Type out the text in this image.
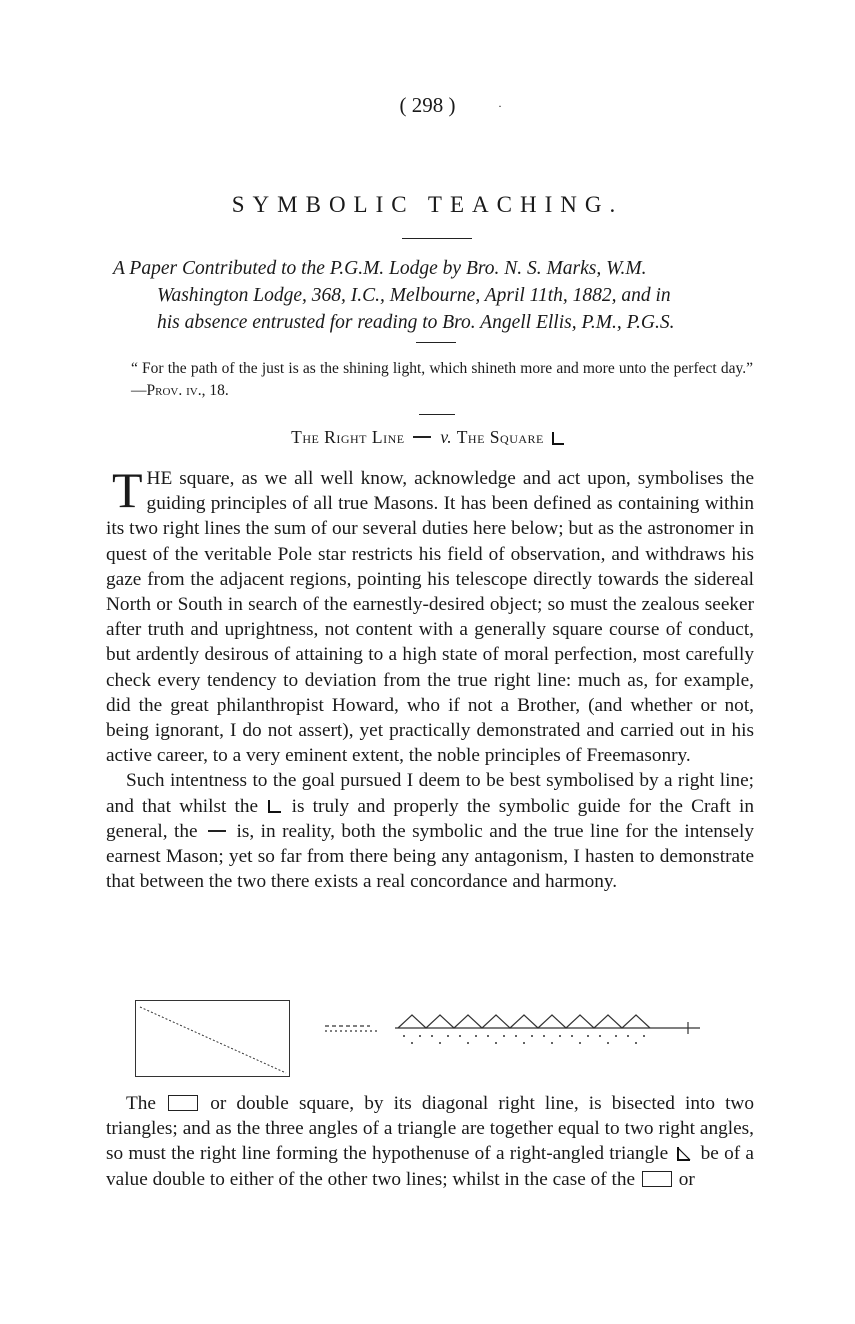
( 298 )	·
SYMBOLIC TEACHING.
A Paper Contributed to the P.G.M. Lodge by Bro. N. S. Marks, W.M.
Washington Lodge, 368, I.C., Melbourne, April 11th, 1882, and in
his absence entrusted for reading to Bro. Angell Ellis, P.M., P.G.S.
“ For the path of the just is as the shining light, which shineth more and more unto the perfect day.” —Prov. iv., 18.
The Right Line v. The Square

THE square, as we all well know, acknowledge and act upon, symbolises the guiding principles of all true Masons. It has been defined as containing within its two right lines the sum of our several duties here below; but as the astronomer in quest of the veritable Pole star restricts his field of observation, and withdraws his gaze from the adjacent regions, pointing his telescope directly towards the sidereal North or South in search of the earnestly-desired object; so must the zealous seeker after truth and uprightness, not content with a generally square course of conduct, but ardently desirous of attaining to a high state of moral perfection, most carefully check every tendency to deviation from the true right line: much as, for example, did the great philanthropist Howard, who if not a Brother, (and whether or not, being ignorant, I do not assert), yet practically demonstrated and carried out in his active career, to a very eminent extent, the noble principles of Freemasonry.

Such intentness to the goal pursued I deem to be best symbolised by a right line; and that whilst the is truly and properly the symbolic guide for the Craft in general, the is, in reality, both the symbolic and the true line for the intensely earnest Mason; yet so far from there being any antagonism, I hasten to demonstrate that between the two there exists a real concordance and harmony.

The	or double square, by its diagonal right line, is bisected into two triangles; and as the three angles of a triangle are together equal to two right angles, so must the right line forming the hypothenuse of a right-angled triangle be of a value double to either of the other two lines; whilst in the case of the or
